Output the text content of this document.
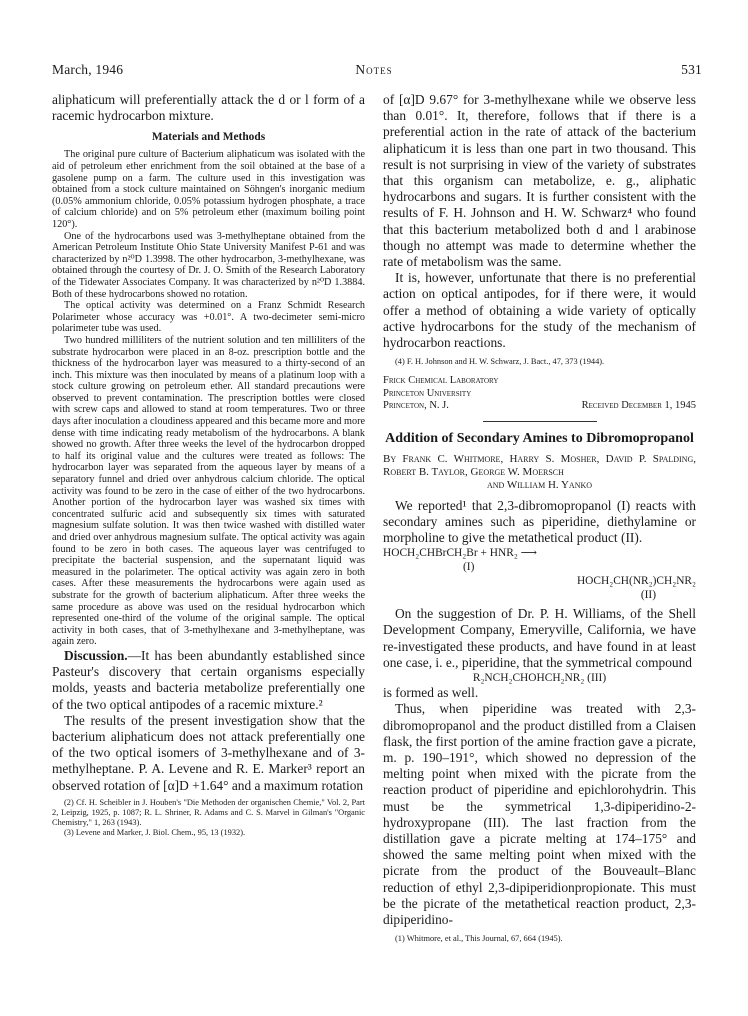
March, 1946	Notes	531

aliphaticum will preferentially attack the d or l form of a racemic hydrocarbon mixture.

Materials and Methods

The original pure culture of Bacterium aliphaticum was isolated with the aid of petroleum ether enrichment from the soil obtained at the base of a gasolene pump on a farm. The culture used in this investigation was obtained from a stock culture maintained on Söhngen's inorganic medium (0.05% ammonium chloride, 0.05% potassium hydrogen phosphate, a trace of calcium chloride) and on 5% petroleum ether (maximum boiling point 120°).

One of the hydrocarbons used was 3-methylheptane obtained from the American Petroleum Institute Ohio State University Manifest P-61 and was characterized by n²⁰D 1.3998. The other hydrocarbon, 3-methylhexane, was obtained through the courtesy of Dr. J. O. Smith of the Research Laboratory of the Tidewater Associates Company. It was characterized by n²⁰D 1.3884. Both of these hydrocarbons showed no rotation.

The optical activity was determined on a Franz Schmidt Research Polarimeter whose accuracy was +0.01°. A two-decimeter semi-micro polarimeter tube was used.

Two hundred milliliters of the nutrient solution and ten milliliters of the substrate hydrocarbon were placed in an 8-oz. prescription bottle and the thickness of the hydrocarbon layer was measured to a thirty-second of an inch. This mixture was then inoculated by means of a platinum loop with a stock culture growing on petroleum ether. All standard precautions were observed to prevent contamination. The prescription bottles were closed with screw caps and allowed to stand at room temperatures. Two or three days after inoculation a cloudiness appeared and this became more and more dense with time indicating ready metabolism of the hydrocarbons. A blank showed no growth. After three weeks the level of the hydrocarbon dropped to half its original value and the cultures were treated as follows: The hydrocarbon layer was separated from the aqueous layer by means of a separatory funnel and dried over anhydrous calcium chloride. The optical activity was found to be zero in the case of either of the two hydrocarbons. Another portion of the hydrocarbon layer was washed six times with concentrated sulfuric acid and subsequently six times with saturated magnesium sulfate solution. It was then twice washed with distilled water and dried over anhydrous magnesium sulfate. The optical activity was again found to be zero in both cases. The aqueous layer was centrifuged to precipitate the bacterial suspension, and the supernatant liquid was measured in the polarimeter. The optical activity was again zero in both cases. After these measurements the hydrocarbons were again used as substrate for the growth of bacterium aliphaticum. After three weeks the same procedure as above was used on the residual hydrocarbon which represented one-third of the volume of the original sample. The optical activity in both cases, that of 3-methylhexane and 3-methylheptane, was again zero.

Discussion.—It has been abundantly established since Pasteur's discovery that certain organisms especially molds, yeasts and bacteria metabolize preferentially one of the two optical antipodes of a racemic mixture.²

The results of the present investigation show that the bacterium aliphaticum does not attack preferentially one of the two optical isomers of 3-methylhexane and of 3-methylheptane. P. A. Levene and R. E. Marker³ report an observed rotation of [α]D +1.64° and a maximum rotation

(2) Cf. H. Scheibler in J. Houben's "Die Methoden der organischen Chemie," Vol. 2, Part 2, Leipzig, 1925, p. 1087; R. L. Shriner, R. Adams and C. S. Marvel in Gilman's "Organic Chemistry," 1, 263 (1943).

(3) Levene and Marker, J. Biol. Chem., 95, 13 (1932).

of [α]D 9.67° for 3-methylhexane while we observe less than 0.01°. It, therefore, follows that if there is a preferential action in the rate of attack of the bacterium aliphaticum it is less than one part in two thousand. This result is not surprising in view of the variety of substrates that this organism can metabolize, e. g., aliphatic hydrocarbons and sugars. It is further consistent with the results of F. H. Johnson and H. W. Schwarz⁴ who found that this bacterium metabolized both d and l arabinose though no attempt was made to determine whether the rate of metabolism was the same.

It is, however, unfortunate that there is no preferential action on optical antipodes, for if there were, it would offer a method of obtaining a wide variety of optically active hydrocarbons for the study of the mechanism of hydrocarbon reactions.

(4) F. H. Johnson and H. W. Schwarz, J. Bact., 47, 373 (1944).

Frick Chemical Laboratory
Princeton University
Princeton, N. J.	Received December 1, 1945
Addition of Secondary Amines to Dibromopropanol
By Frank C. Whitmore, Harry S. Mosher, David P. Spalding, Robert B. Taylor, George W. Moersch
and William H. Yanko

We reported¹ that 2,3-dibromopropanol (I) reacts with secondary amines such as piperidine, diethylamine or morpholine to give the metathetical product (II).

HOCH₂CHBrCH₂Br + HNR₂ ⟶
(I)
HOCH₂CH(NR₂)CH₂NR₂
(II)

On the suggestion of Dr. P. H. Williams, of the Shell Development Company, Emeryville, California, we have re-investigated these products, and have found in at least one case, i. e., piperidine, that the symmetrical compound

R₂NCH₂CHOHCH₂NR₂ (III)

is formed as well.

Thus, when piperidine was treated with 2,3-dibromopropanol and the product distilled from a Claisen flask, the first portion of the amine fraction gave a picrate, m. p. 190–191°, which showed no depression of the melting point when mixed with the picrate from the reaction product of piperidine and epichlorohydrin. This must be the symmetrical 1,3-dipiperidino-2-hydroxypropane (III). The last fraction from the distillation gave a picrate melting at 174–175° and showed the same melting point when mixed with the picrate from the product of the Bouveault–Blanc reduction of ethyl 2,3-dipiperidionpropionate. This must be the picrate of the metathetical reaction product, 2,3-dipiperidino-

(1) Whitmore, et al., This Journal, 67, 664 (1945).
